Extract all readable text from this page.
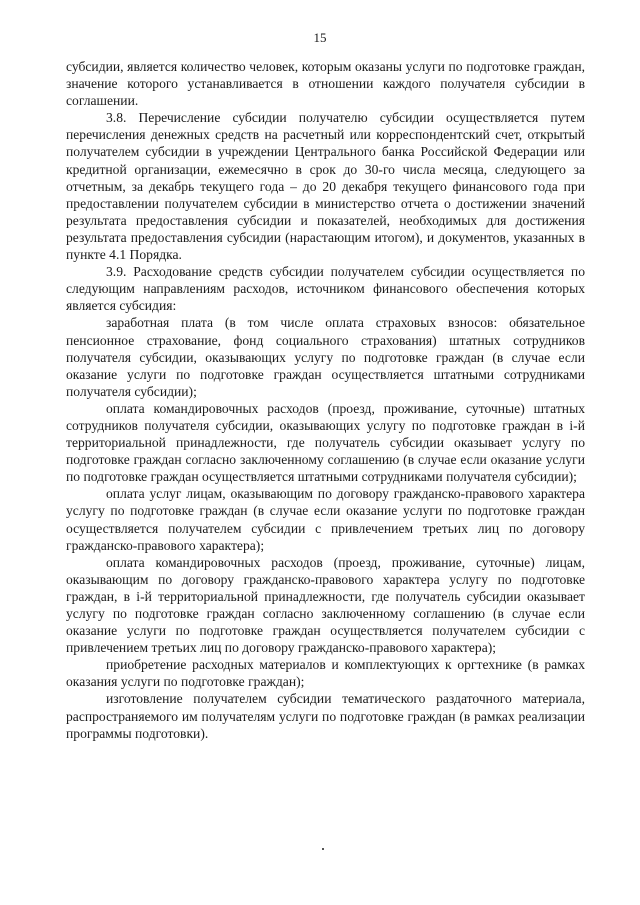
15

субсидии, является количество человек, которым оказаны услуги по подготовке граждан, значение которого устанавливается в отношении каждого получателя субсидии в соглашении.

3.8. Перечисление субсидии получателю субсидии осуществляется путем перечисления денежных средств на расчетный или корреспондентский счет, открытый получателем субсидии в учреждении Центрального банка Российской Федерации или кредитной организации, ежемесячно в срок до 30-го числа месяца, следующего за отчетным, за декабрь текущего года – до 20 декабря текущего финансового года при предоставлении получателем субсидии в министерство отчета о достижении значений результата предоставления субсидии и показателей, необходимых для достижения результата предоставления субсидии (нарастающим итогом), и документов, указанных в пункте 4.1 Порядка.

3.9. Расходование средств субсидии получателем субсидии осуществляется по следующим направлениям расходов, источником финансового обеспечения которых является субсидия:

заработная плата (в том числе оплата страховых взносов: обязательное пенсионное страхование, фонд социального страхования) штатных сотрудников получателя субсидии, оказывающих услугу по подготовке граждан (в случае если оказание услуги по подготовке граждан осуществляется штатными сотрудниками получателя субсидии);

оплата командировочных расходов (проезд, проживание, суточные) штатных сотрудников получателя субсидии, оказывающих услугу по подготовке граждан в i-й территориальной принадлежности, где получатель субсидии оказывает услугу по подготовке граждан согласно заключенному соглашению (в случае если оказание услуги по подготовке граждан осуществляется штатными сотрудниками получателя субсидии);

оплата услуг лицам, оказывающим по договору гражданско-правового характера услугу по подготовке граждан (в случае если оказание услуги по подготовке граждан осуществляется получателем субсидии с привлечением третьих лиц по договору гражданско-правового характера);

оплата командировочных расходов (проезд, проживание, суточные) лицам, оказывающим по договору гражданско-правового характера услугу по подготовке граждан, в i-й территориальной принадлежности, где получатель субсидии оказывает услугу по подготовке граждан согласно заключенному соглашению (в случае если оказание услуги по подготовке граждан осуществляется получателем субсидии с привлечением третьих лиц по договору гражданско-правового характера);

приобретение расходных материалов и комплектующих к оргтехнике (в рамках оказания услуги по подготовке граждан);

изготовление получателем субсидии тематического раздаточного материала, распространяемого им получателям услуги по подготовке граждан (в рамках реализации программы подготовки).
